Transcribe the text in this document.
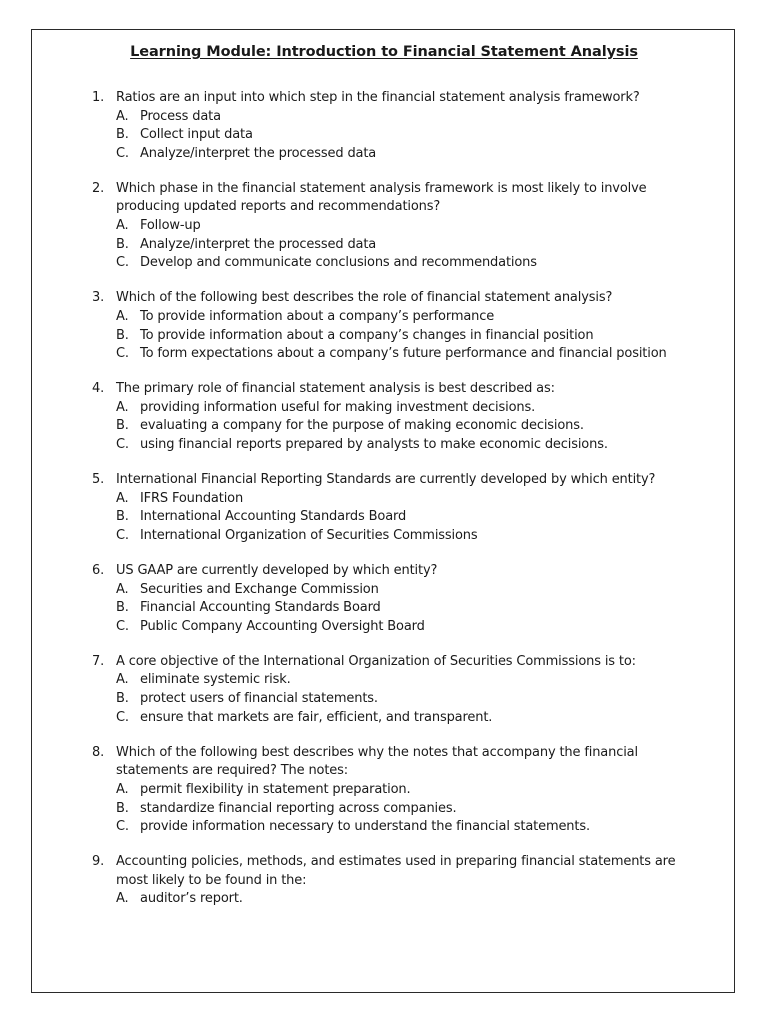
Learning Module: Introduction to Financial Statement Analysis
1. Ratios are an input into which step in the financial statement analysis framework?
A. Process data
B. Collect input data
C. Analyze/interpret the processed data
2. Which phase in the financial statement analysis framework is most likely to involve producing updated reports and recommendations?
A. Follow-up
B. Analyze/interpret the processed data
C. Develop and communicate conclusions and recommendations
3. Which of the following best describes the role of financial statement analysis?
A. To provide information about a company’s performance
B. To provide information about a company’s changes in financial position
C. To form expectations about a company’s future performance and financial position
4. The primary role of financial statement analysis is best described as:
A. providing information useful for making investment decisions.
B. evaluating a company for the purpose of making economic decisions.
C. using financial reports prepared by analysts to make economic decisions.
5. International Financial Reporting Standards are currently developed by which entity?
A. IFRS Foundation
B. International Accounting Standards Board
C. International Organization of Securities Commissions
6. US GAAP are currently developed by which entity?
A. Securities and Exchange Commission
B. Financial Accounting Standards Board
C. Public Company Accounting Oversight Board
7. A core objective of the International Organization of Securities Commissions is to:
A. eliminate systemic risk.
B. protect users of financial statements.
C. ensure that markets are fair, efficient, and transparent.
8. Which of the following best describes why the notes that accompany the financial statements are required? The notes:
A. permit flexibility in statement preparation.
B. standardize financial reporting across companies.
C. provide information necessary to understand the financial statements.
9. Accounting policies, methods, and estimates used in preparing financial statements are most likely to be found in the:
A. auditor’s report.
